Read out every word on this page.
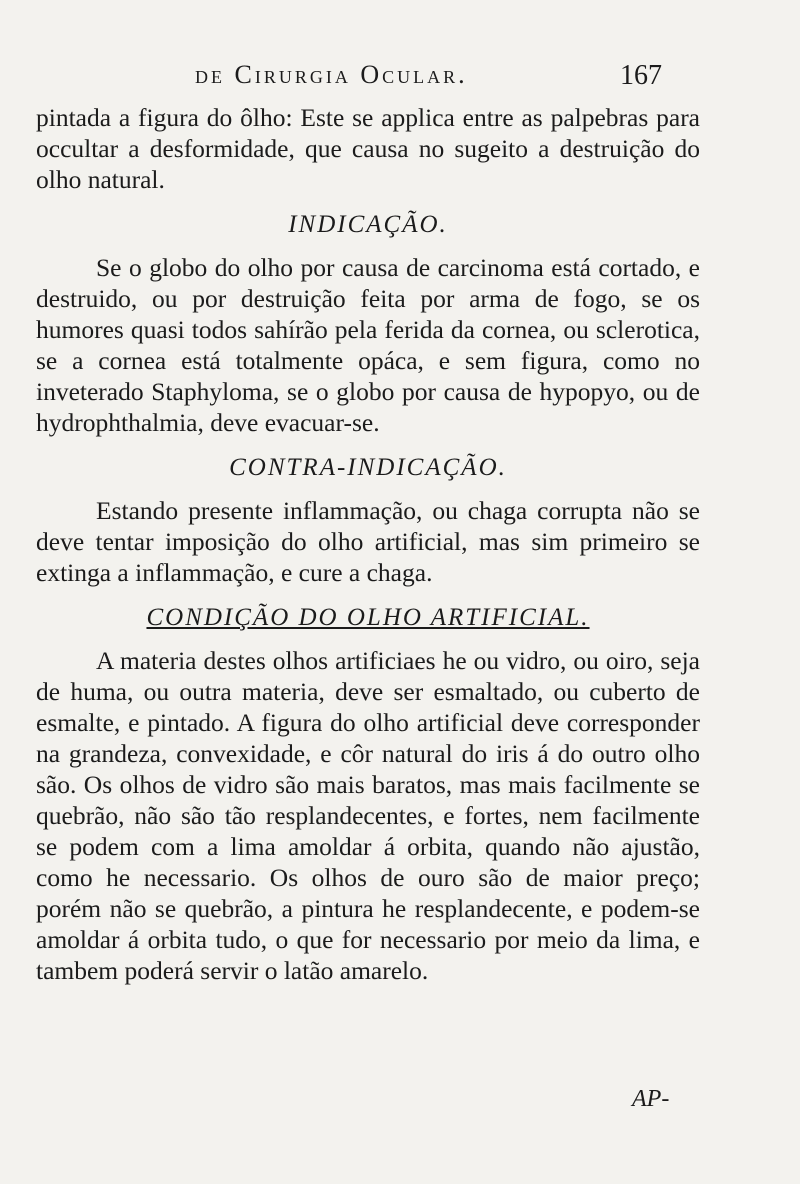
de Cirurgia Ocular.	167

pintada a figura do ôlho: Este se applica entre as palpebras para occultar a desformidade, que causa no sugeito a destruição do olho natural.

INDICAÇÃO.

Se o globo do olho por causa de carcinoma está cortado, e destruido, ou por destruição feita por arma de fogo, se os humores quasi todos sahírão pela ferida da cornea, ou sclerotica, se a cornea está totalmente opáca, e sem figura, como no inveterado Staphyloma, se o globo por causa de hypopyo, ou de hydrophthalmia, deve evacuar-se.

CONTRA-INDICAÇÃO.

Estando presente inflammação, ou chaga corrupta não se deve tentar imposição do olho artificial, mas sim primeiro se extinga a inflammação, e cure a chaga.

CONDIÇÃO DO OLHO ARTIFICIAL.

A materia destes olhos artificiaes he ou vidro, ou oiro, seja de huma, ou outra materia, deve ser esmaltado, ou cuberto de esmalte, e pintado. A figura do olho artificial deve corresponder na grandeza, convexidade, e côr natural do iris á do outro olho são. Os olhos de vidro são mais baratos, mas mais facilmente se quebrão, não são tão resplandecentes, e fortes, nem facilmente se podem com a lima amoldar á orbita, quando não ajustão, como he necessario. Os olhos de ouro são de maior preço; porém não se quebrão, a pintura he resplandecente, e podem-se amoldar á orbita tudo, o que for necessario por meio da lima, e tambem poderá servir o latão amarelo.

AP-
